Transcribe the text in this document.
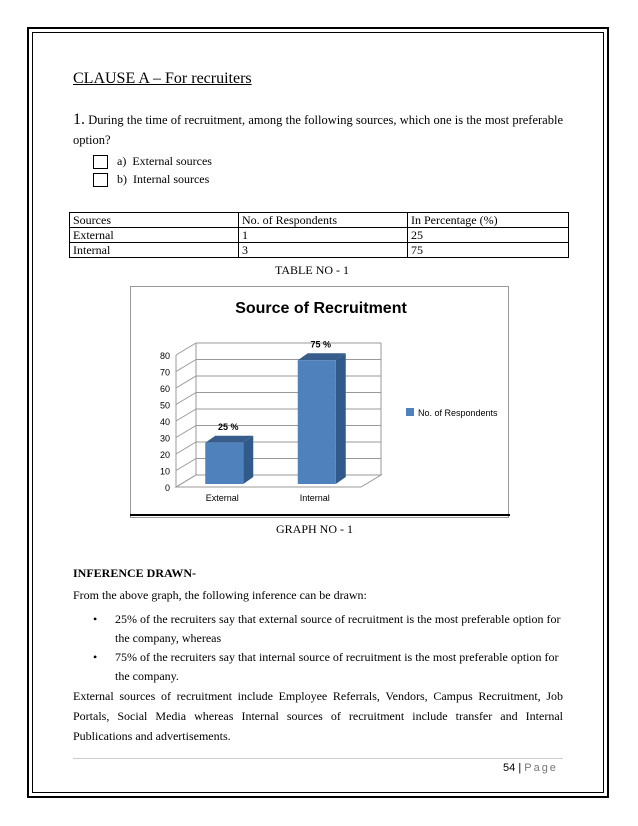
CLAUSE A – For recruiters
1. During the time of recruitment, among the following sources, which one is the most preferable option?
a) External sources
b) Internal sources
Sources	No. of Respondents	In Percentage (%)
External	1	25
Internal	3	75
TABLE NO - 1
Source of Recruitment
0
10
20
30
40
50
60
70
80
25 %
External
75 %
Internal
No. of Respondents
GRAPH NO - 1
INFERENCE DRAWN-
From the above graph, the following inference can be drawn:
•	25% of the recruiters say that external source of recruitment is the most preferable option for the company, whereas
•	75% of the recruiters say that internal source of recruitment is the most preferable option for the company.
External sources of recruitment include Employee Referrals, Vendors, Campus Recruitment, Job Portals, Social Media whereas Internal sources of recruitment include transfer and Internal Publications and advertisements.
54 | Page
